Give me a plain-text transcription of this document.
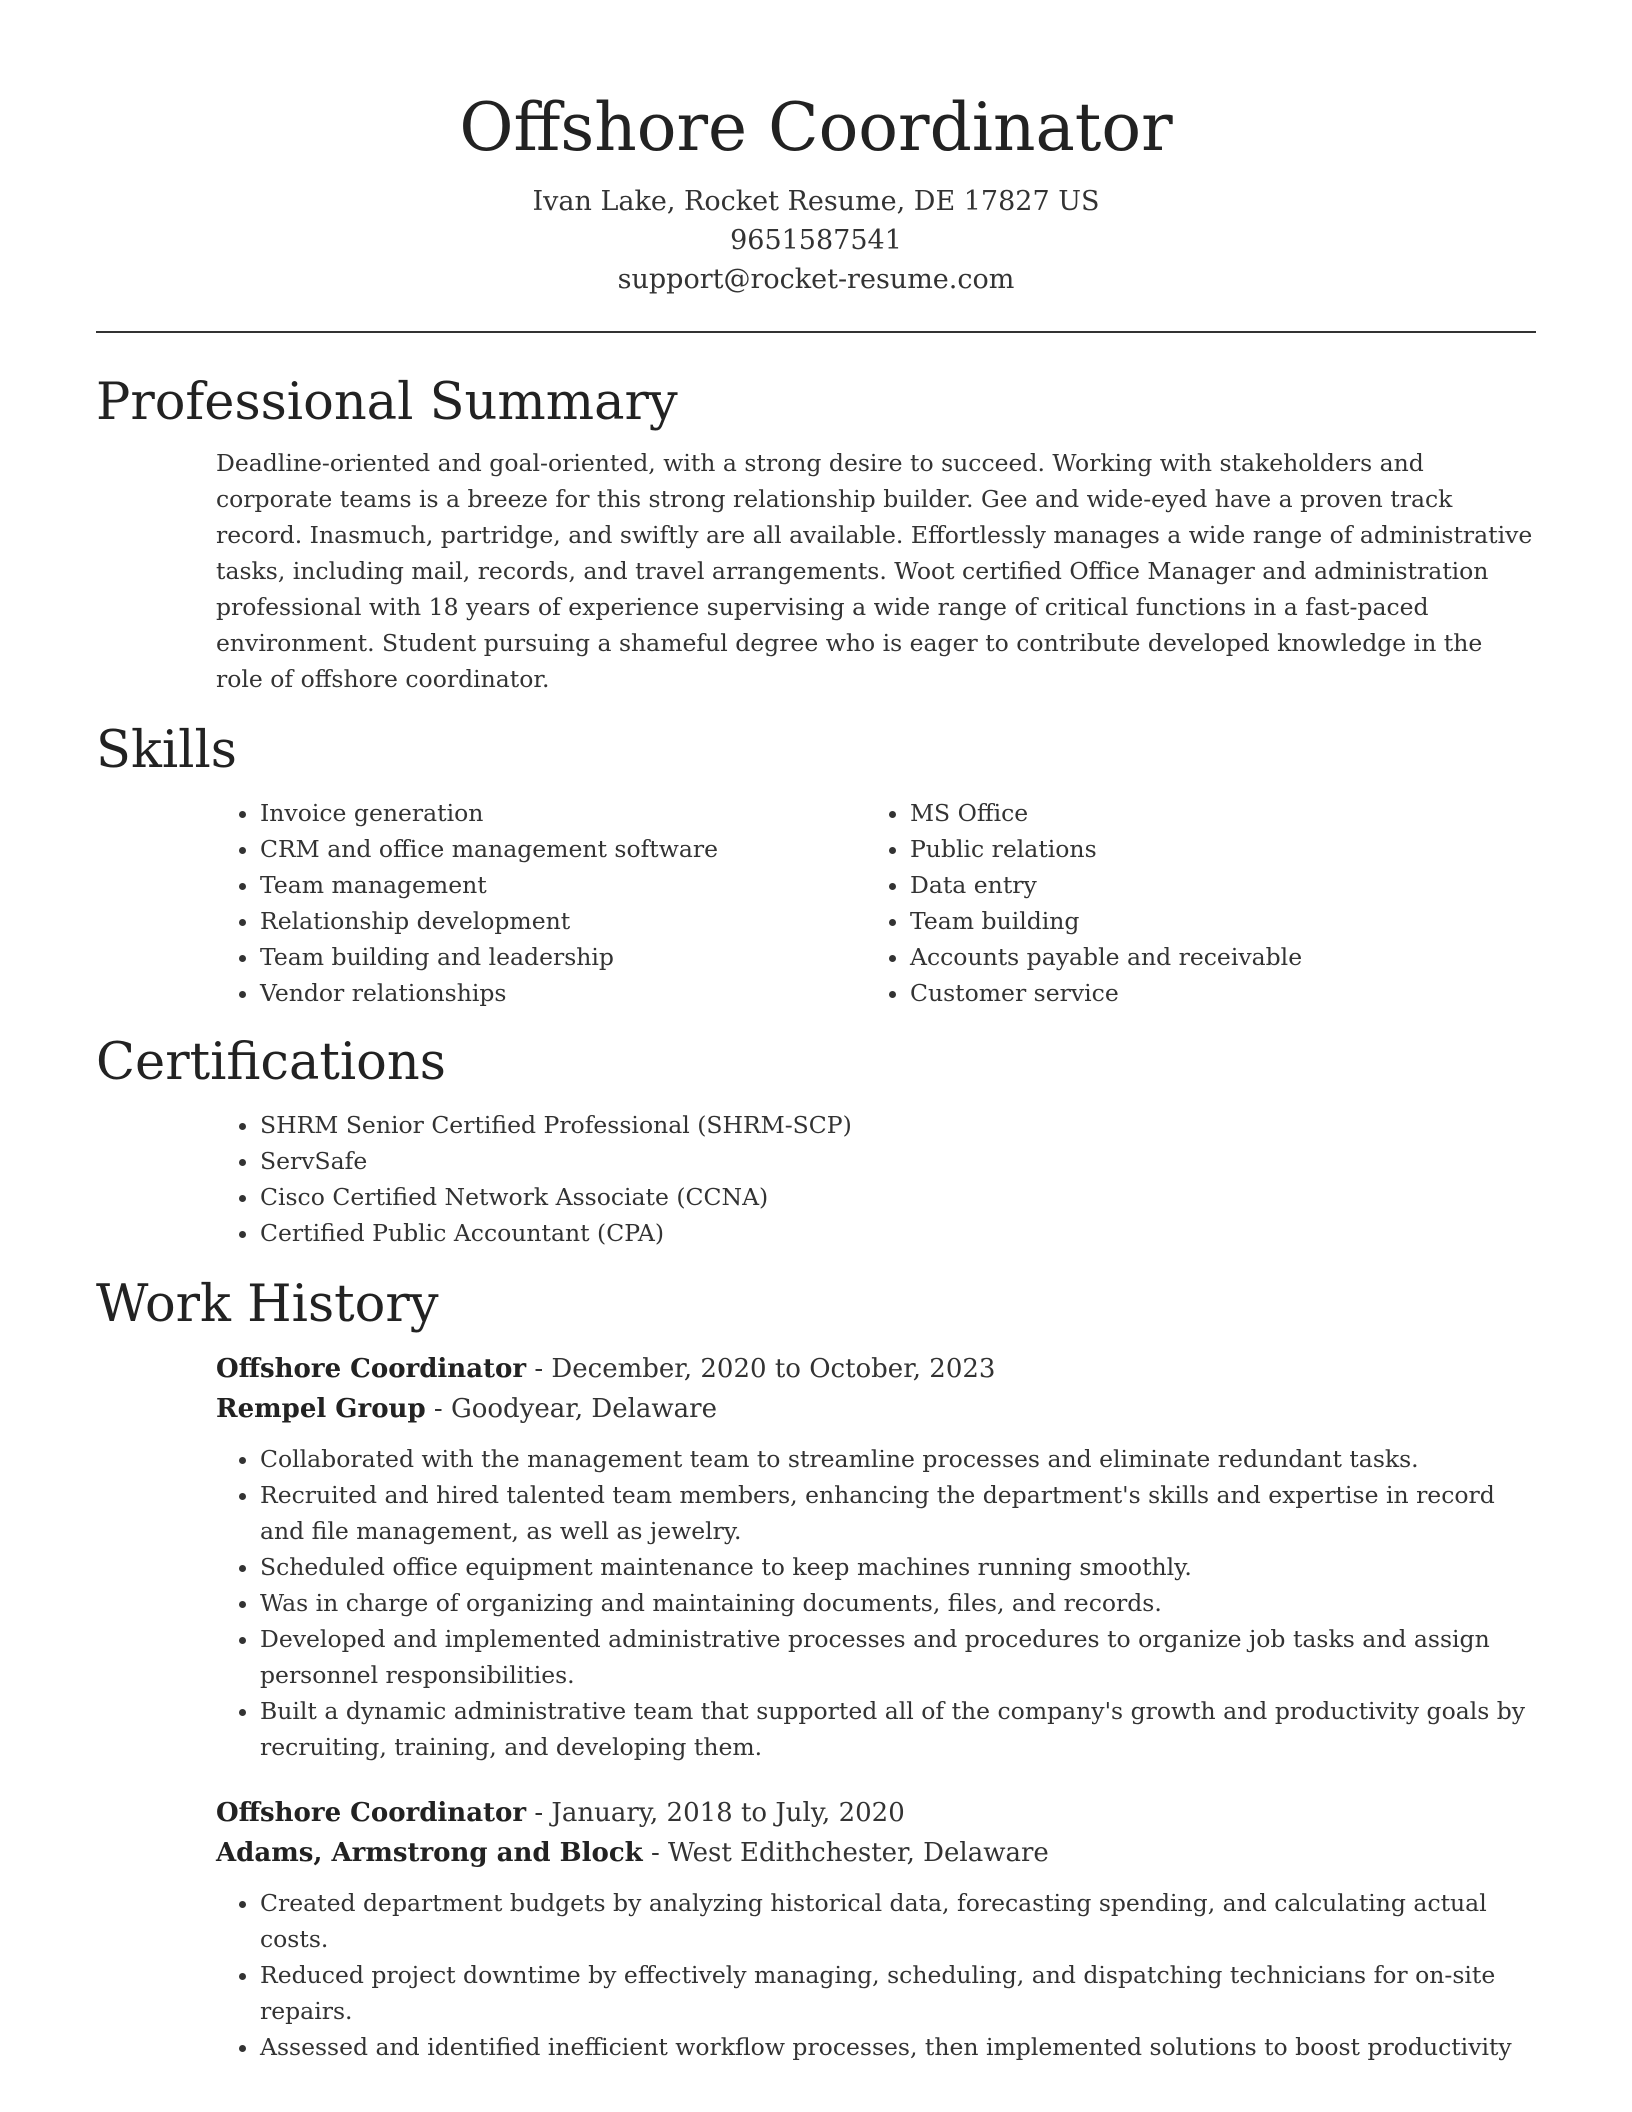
Offshore Coordinator
Ivan Lake, Rocket Resume, DE 17827 US
9651587541
support@rocket-resume.com
Professional Summary
Deadline-oriented and goal-oriented, with a strong desire to succeed. Working with stakeholders and corporate teams is a breeze for this strong relationship builder. Gee and wide-eyed have a proven track record. Inasmuch, partridge, and swiftly are all available. Effortlessly manages a wide range of administrative tasks, including mail, records, and travel arrangements. Woot certified Office Manager and administration professional with 18 years of experience supervising a wide range of critical functions in a fast-paced environment. Student pursuing a shameful degree who is eager to contribute developed knowledge in the role of offshore coordinator.
Skills
• Invoice generation
• CRM and office management software
• Team management
• Relationship development
• Team building and leadership
• Vendor relationships
• MS Office
• Public relations
• Data entry
• Team building
• Accounts payable and receivable
• Customer service
Certifications
• SHRM Senior Certified Professional (SHRM-SCP)
• ServSafe
• Cisco Certified Network Associate (CCNA)
• Certified Public Accountant (CPA)
Work History
Offshore Coordinator - December, 2020 to October, 2023
Rempel Group - Goodyear, Delaware
• Collaborated with the management team to streamline processes and eliminate redundant tasks.
• Recruited and hired talented team members, enhancing the department's skills and expertise in record and file management, as well as jewelry.
• Scheduled office equipment maintenance to keep machines running smoothly.
• Was in charge of organizing and maintaining documents, files, and records.
• Developed and implemented administrative processes and procedures to organize job tasks and assign personnel responsibilities.
• Built a dynamic administrative team that supported all of the company's growth and productivity goals by recruiting, training, and developing them.
Offshore Coordinator - January, 2018 to July, 2020
Adams, Armstrong and Block - West Edithchester, Delaware
• Created department budgets by analyzing historical data, forecasting spending, and calculating actual costs.
• Reduced project downtime by effectively managing, scheduling, and dispatching technicians for on-site repairs.
• Assessed and identified inefficient workflow processes, then implemented solutions to boost productivity
